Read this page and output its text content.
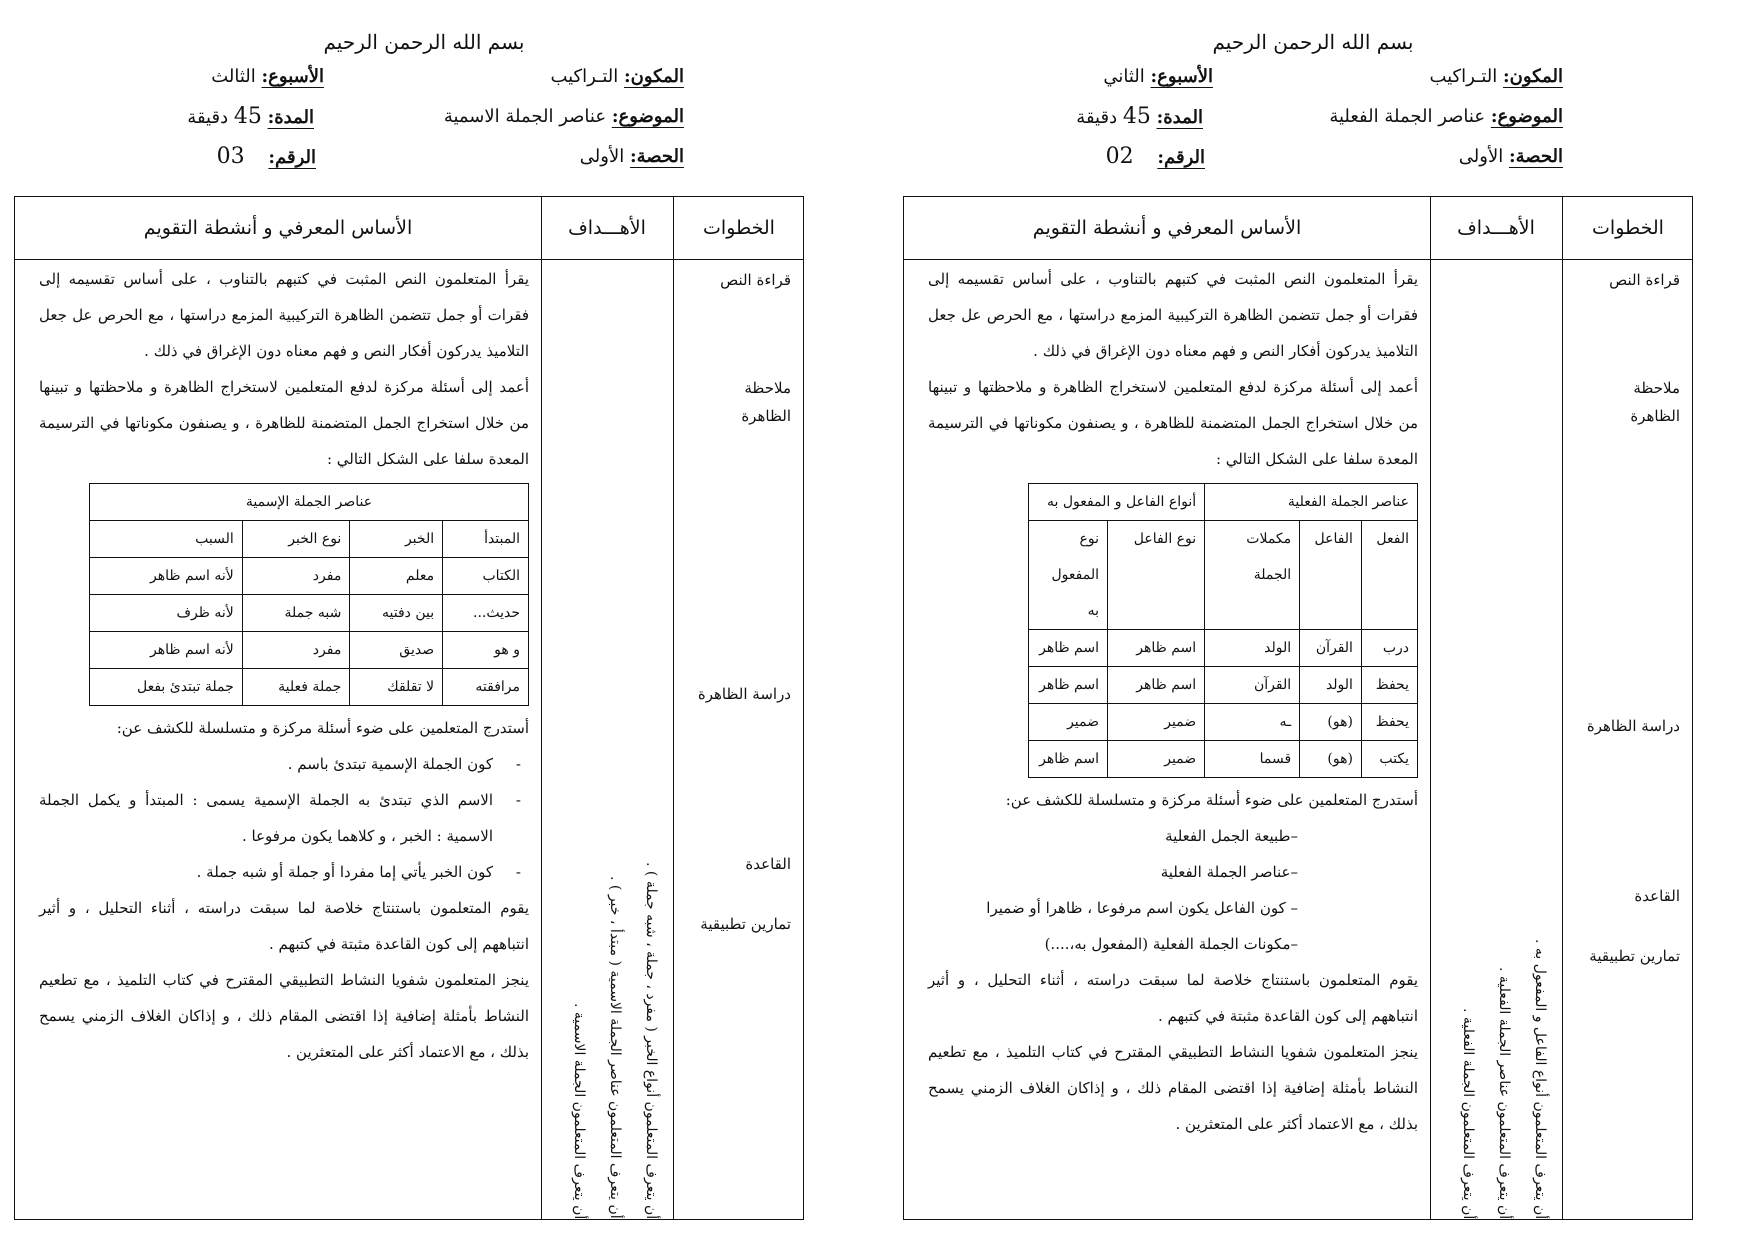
بسم الله الرحمن الرحيم
المكون: التـراكيب
الأسبوع: الثاني
الموضوع: عناصر الجملة الفعلية
المدة: 45 دقيقة
الحصة: الأولى
الرقم: 02
الخطوات
الأهـــداف
الأساس المعرفي و أنشطة التقويم
قراءة النص
ملاحظة
الظاهرة
دراسة الظاهرة
القاعدة
تمارين تطبيقية
أن يتعرف المتعلمون أنواع الفاعل و المفعول به .
أن يتعرف المتعلمون عناصر الجملة الفعلية .
أن يتعرف المتعلمون الجملة الفعلية .

يقرأ المتعلمون النص المثبت في كتبهم بالتناوب ، على أساس تقسيمه إلى فقرات أو جمل تتضمن الظاهرة التركيبية المزمع دراستها ، مع الحرص عل جعل التلاميذ يدركون أفكار النص و فهم معناه دون الإغراق في ذلك .

أعمد إلى أسئلة مركزة لدفع المتعلمين لاستخراج الظاهرة و ملاحظتها و تبينها من خلال استخراج الجمل المتضمنة للظاهرة ، و يصنفون مكوناتها في الترسيمة المعدة سلفا على الشكل التالي :

عناصر الجملة الفعلية			أنواع الفاعل و المفعول به	
الفعل	الفاعل	مكملات الجملة	نوع الفاعل	نوع المفعول به
درب	القرآن	الولد	اسم ظاهر	اسم ظاهر
يحفظ	الولد	القرآن	اسم ظاهر	اسم ظاهر
يحفظ	(هو)	ـه	ضمير	ضمير
يكتب	(هو)	قسما	ضمير	اسم ظاهر

أستدرج المتعلمين على ضوء أسئلة مركزة و متسلسلة للكشف عن:

–طبيعة الجمل الفعلية
–عناصر الجملة الفعلية
– كون الفاعل يكون اسم مرفوعا ، ظاهرا أو ضميرا
–مكونات الجملة الفعلية (المفعول به،....)

يقوم المتعلمون باستنتاج خلاصة لما سبقت دراسته ، أثناء التحليل ، و أثير انتباههم إلى كون القاعدة مثبتة في كتبهم .

ينجز المتعلمون شفويا النشاط التطبيقي المقترح في كتاب التلميذ ، مع تطعيم النشاط بأمثلة إضافية إذا اقتضى المقام ذلك ، و إذاكان الغلاف الزمني يسمح بذلك ، مع الاعتماد أكثر على المتعثرين .

بسم الله الرحمن الرحيم
المكون: التـراكيب
الأسبوع: الثالث
الموضوع: عناصر الجملة الاسمية
المدة: 45 دقيقة
الحصة: الأولى
الرقم: 03
الخطوات
الأهـــداف
الأساس المعرفي و أنشطة التقويم
قراءة النص
ملاحظة
الظاهرة
دراسة الظاهرة
القاعدة
تمارين تطبيقية
أن يتعرف المتعلمون أنواع الخبر ( مفرد ، جملة ، شبه جملة ) .
أن يتعرف المتعلمون عناصر الجملة الاسمية ( مبتدأ ، خبر ) .
أن يتعرف المتعلمون الجملة الاسمية .

يقرأ المتعلمون النص المثبت في كتبهم بالتناوب ، على أساس تقسيمه إلى فقرات أو جمل تتضمن الظاهرة التركيبية المزمع دراستها ، مع الحرص عل جعل التلاميذ يدركون أفكار النص و فهم معناه دون الإغراق في ذلك .

أعمد إلى أسئلة مركزة لدفع المتعلمين لاستخراج الظاهرة و ملاحظتها و تبينها من خلال استخراج الجمل المتضمنة للظاهرة ، و يصنفون مكوناتها في الترسيمة المعدة سلفا على الشكل التالي :

عناصر الجملة الإسمية			
المبتدأ	الخبر	نوع الخبر	السبب
الكتاب	معلم	مفرد	لأنه اسم ظاهر
حديث...	بين دفتيه	شبه جملة	لأنه ظرف
و هو	صديق	مفرد	لأنه اسم ظاهر
مرافقته	لا تقلقك	جملة فعلية	جملة تبتدئ بفعل

أستدرج المتعلمين على ضوء أسئلة مركزة و متسلسلة للكشف عن:

- كون الجملة الإسمية تبتدئ باسم .
- الاسم الذي تبتدئ به الجملة الإسمية يسمى : المبتدأ و يكمل الجملة الاسمية : الخبر ، و كلاهما يكون مرفوعا .
- كون الخبر يأتي إما مفردا أو جملة أو شبه جملة .

يقوم المتعلمون باستنتاج خلاصة لما سبقت دراسته ، أثناء التحليل ، و أثير انتباههم إلى كون القاعدة مثبتة في كتبهم .

ينجز المتعلمون شفويا النشاط التطبيقي المقترح في كتاب التلميذ ، مع تطعيم النشاط بأمثلة إضافية إذا اقتضى المقام ذلك ، و إذاكان الغلاف الزمني يسمح بذلك ، مع الاعتماد أكثر على المتعثرين .
